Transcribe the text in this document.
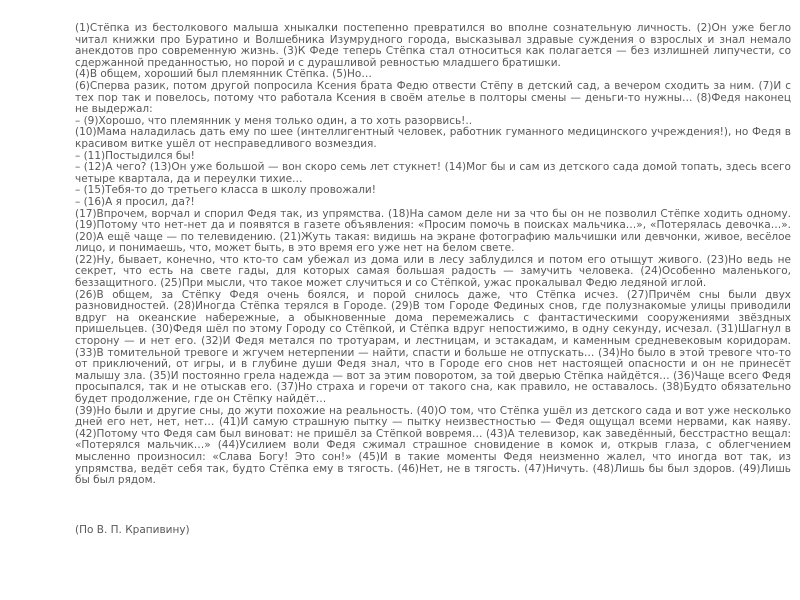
(1)Стёпка из бестолкового малыша хныкалки постепенно превратился во вполне сознательную личность. (2)Он уже бегло читал книжки про Буратино и Волшебника Изумрудного города, высказывал здравые суждения о взрослых и знал немало анекдотов про современную жизнь. (3)К Феде теперь Стёпка стал относиться как полагается — без излишней липучести, со сдержанной преданностью, но порой и с дурашливой ревностью младшего братишки.

(4)В общем, хороший был племянник Стёпка. (5)Но…

(6)Сперва разик, потом другой попросила Ксения брата Федю отвести Стёпу в детский сад, а вечером сходить за ним. (7)И с тех пор так и повелось, потому что работала Ксения в своём ателье в полторы смены — деньги-то нужны… (8)Федя наконец не выдержал:

– (9)Хорошо, что племянник у меня только один, а то хоть разорвись!..

(10)Мама наладилась дать ему по шее (интеллигентный человек, работник гуманного медицинского учреждения!), но Федя в красивом витке ушёл от несправедливого возмездия.

– (11)Постыдился бы!

– (12)А чего? (13)Он уже большой — вон скоро семь лет стукнет! (14)Мог бы и сам из детского сада домой топать, здесь всего четыре квартала, да и переулки тихие…

– (15)Тебя-то до третьего класса в школу провожали!

– (16)А я просил, да?!

(17)Впрочем, ворчал и спорил Федя так, из упрямства. (18)На самом деле ни за что бы он не позволил Стёпке ходить одному. (19)Потому что нет-нет да и появятся в газете объявления: «Просим помочь в поисках мальчика…», «Потерялась девочка…». (20)А ещё чаще — по телевидению. (21)Жуть такая: видишь на экране фотографию мальчишки или девчонки, живое, весёлое лицо, и понимаешь, что, может быть, в это время его уже нет на белом свете.

(22)Ну, бывает, конечно, что кто-то сам убежал из дома или в лесу заблудился и потом его отыщут живого. (23)Но ведь не секрет, что есть на свете гады, для которых самая большая радость — замучить человека. (24)Особенно маленького, беззащитного. (25)При мысли, что такое может случиться и со Стёпкой, ужас прокалывал Федю ледяной иглой.

(26)В общем, за Стёпку Федя очень боялся, и порой снилось даже, что Стёпка исчез. (27)Причём сны были двух разновидностей. (28)Иногда Стёпка терялся в Городе. (29)В том Городе Фединых снов, где полузнакомые улицы приводили вдруг на океанские набережные, а обыкновенные дома перемежались с фантастическими сооружениями звёздных пришельцев. (30)Федя шёл по этому Городу со Стёпкой, и Стёпка вдруг непостижимо, в одну секунду, исчезал. (31)Шагнул в сторону — и нет его. (32)И Федя метался по тротуарам, и лестницам, и эстакадам, и каменным средневековым коридорам. (33)В томительной тревоге и жгучем нетерпении — найти, спасти и больше не отпускать… (34)Но было в этой тревоге что-то от приключений, от игры, и в глубине души Федя знал, что в Городе его снов нет настоящей опасности и он не принесёт малышу зла. (35)И постоянно грела надежда — вот за этим поворотом, за той дверью Стёпка найдётся… (36)Чаще всего Федя просыпался, так и не отыскав его. (37)Но страха и горечи от такого сна, как правило, не оставалось. (38)Будто обязательно будет продолжение, где он Стёпку найдёт…

(39)Но были и другие сны, до жути похожие на реальность. (40)О том, что Стёпка ушёл из детского сада и вот уже несколько дней его нет, нет, нет… (41)И самую страшную пытку — пытку неизвестностью — Федя ощущал всеми нервами, как наяву. (42)Потому что Федя сам был виноват: не пришёл за Стёпкой вовремя… (43)А телевизор, как заведённый, бесстрастно вещал: «Потерялся мальчик…» (44)Усилием воли Федя сжимал страшное сновидение в комок и, открыв глаза, с облегчением мысленно произносил: «Слава Богу! Это сон!» (45)И в такие моменты Федя неизменно жалел, что иногда вот так, из упрямства, ведёт себя так, будто Стёпка ему в тягость. (46)Нет, не в тягость. (47)Ничуть. (48)Лишь бы был здоров. (49)Лишь бы был рядом.

(По В. П. Крапивину)
